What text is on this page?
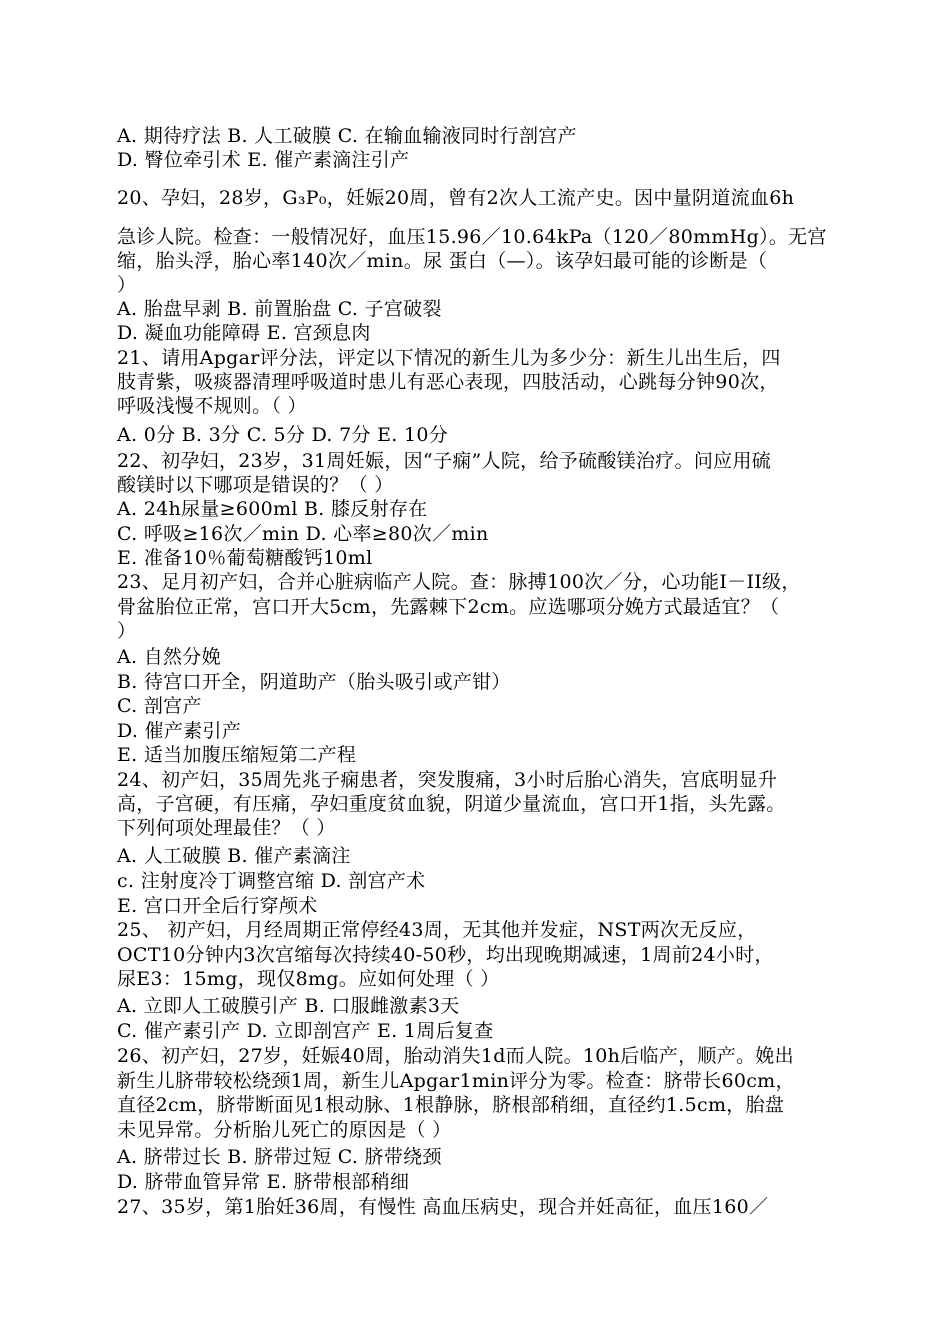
A. 期待疗法 B. 人工破膜 C. 在输血输液同时行剖宫产
D. 臀位牵引术 E. 催产素滴注引产
20、孕妇，28岁，G₃P₀，妊娠20周，曾有2次人工流产史。因中量阴道流血6h
急诊人院。检查：一般情况好，血压15.96／10.64kPa（120／80mmHg）。无宫
缩，胎头浮，胎心率140次／min。尿 蛋白（—）。该孕妇最可能的诊断是（
）
A. 胎盘早剥 B. 前置胎盘 C. 子宫破裂
D. 凝血功能障碍 E. 宫颈息肉
21、请用Apgar评分法，评定以下情况的新生儿为多少分：新生儿出生后，四
肢青紫，吸痰器清理呼吸道时患儿有恶心表现，四肢活动，心跳每分钟90次，
呼吸浅慢不规则。（ ）
A. 0分 B. 3分 C. 5分 D. 7分 E. 10分
22、初孕妇，23岁，31周妊娠，因“子痫”人院，给予硫酸镁治疗。问应用硫
酸镁时以下哪项是错误的？（ ）
A. 24h尿量≥600ml B. 膝反射存在
C. 呼吸≥16次／min D. 心率≥80次／min
E. 准备10％葡萄糖酸钙10ml
23、足月初产妇，合并心脏病临产人院。查：脉搏100次／分，心功能I－II级，
骨盆胎位正常，宫口开大5cm，先露棘下2cm。应选哪项分娩方式最适宜？（
）
A. 自然分娩
B. 待宫口开全，阴道助产（胎头吸引或产钳）
C. 剖宫产
D. 催产素引产
E. 适当加腹压缩短第二产程
24、初产妇，35周先兆子痫患者，突发腹痛，3小时后胎心消失，宫底明显升
高，子宫硬，有压痛，孕妇重度贫血貌，阴道少量流血，宫口开1指，头先露。
下列何项处理最佳？（ ）
A. 人工破膜 B. 催产素滴注
c. 注射度冷丁调整宫缩 D. 剖宫产术
E. 宫口开全后行穿颅术
25、 初产妇，月经周期正常停经43周，无其他并发症，NST两次无反应，
OCT10分钟内3次宫缩每次持续40-50秒，均出现晚期减速，1周前24小时，
尿E3：15mg，现仅8mg。应如何处理（ ）
A. 立即人工破膜引产 B. 口服雌激素3天
C. 催产素引产 D. 立即剖宫产 E. 1周后复查
26、初产妇，27岁，妊娠40周，胎动消失1d而人院。10h后临产，顺产。娩出
新生儿脐带较松绕颈1周，新生儿Apgar1min评分为零。检查：脐带长60cm，
直径2cm，脐带断面见1根动脉、1根静脉，脐根部稍细，直径约1.5cm，胎盘
未见异常。分析胎儿死亡的原因是（ ）
A. 脐带过长 B. 脐带过短 C. 脐带绕颈
D. 脐带血管异常 E. 脐带根部稍细
27、35岁，第1胎妊36周，有慢性 高血压病史，现合并妊高征，血压160／
